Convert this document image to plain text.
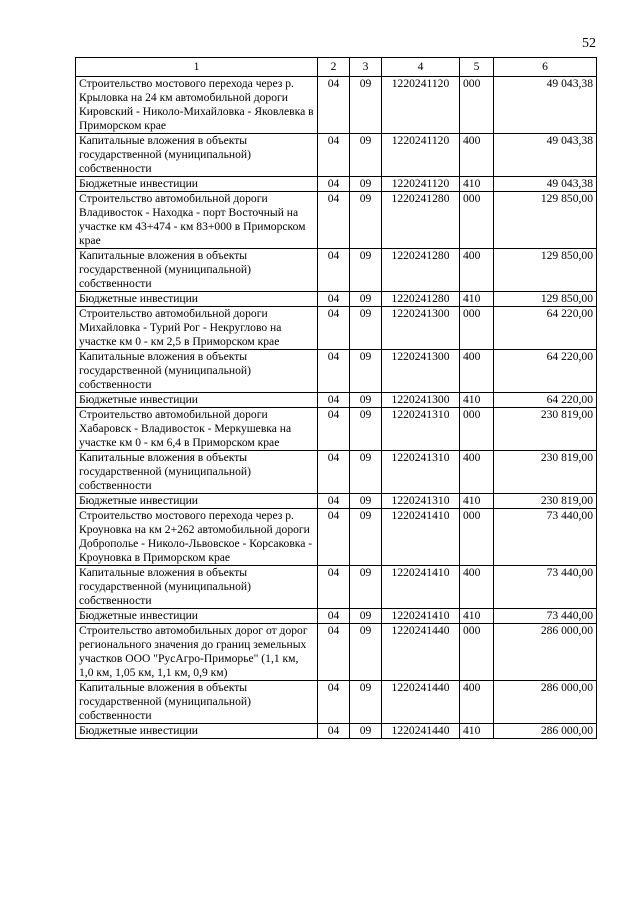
52
1	2	3	4	5	6
Строительство мостового перехода через р. Крыловка на 24 км автомобильной дороги Кировский - Николо-Михайловка - Яковлевка в Приморском крае	04	09	1220241120	000	49 043,38
Капитальные вложения в объекты государственной (муниципальной) собственности	04	09	1220241120	400	49 043,38
Бюджетные инвестиции	04	09	1220241120	410	49 043,38
Строительство автомобильной дороги Владивосток - Находка - порт Восточный на участке км 43+474 - км 83+000 в Приморском крае	04	09	1220241280	000	129 850,00
Капитальные вложения в объекты государственной (муниципальной) собственности	04	09	1220241280	400	129 850,00
Бюджетные инвестиции	04	09	1220241280	410	129 850,00
Строительство автомобильной дороги Михайловка - Турий Рог - Некруглово на участке км 0 - км 2,5 в Приморском крае	04	09	1220241300	000	64 220,00
Капитальные вложения в объекты государственной (муниципальной) собственности	04	09	1220241300	400	64 220,00
Бюджетные инвестиции	04	09	1220241300	410	64 220,00
Строительство автомобильной дороги Хабаровск - Владивосток - Меркушевка на участке км 0 - км 6,4 в Приморском крае	04	09	1220241310	000	230 819,00
Капитальные вложения в объекты государственной (муниципальной) собственности	04	09	1220241310	400	230 819,00
Бюджетные инвестиции	04	09	1220241310	410	230 819,00
Строительство мостового перехода через р. Кроуновка на км 2+262 автомобильной дороги Доброполье - Николо-Львовское - Корсаковка - Кроуновка в Приморском крае	04	09	1220241410	000	73 440,00
Капитальные вложения в объекты государственной (муниципальной) собственности	04	09	1220241410	400	73 440,00
Бюджетные инвестиции	04	09	1220241410	410	73 440,00
Строительство автомобильных дорог от дорог регионального значения до границ земельных участков ООО "РусАгро-Приморье" (1,1 км, 1,0 км, 1,05 км, 1,1 км, 0,9 км)	04	09	1220241440	000	286 000,00
Капитальные вложения в объекты государственной (муниципальной) собственности	04	09	1220241440	400	286 000,00
Бюджетные инвестиции	04	09	1220241440	410	286 000,00
